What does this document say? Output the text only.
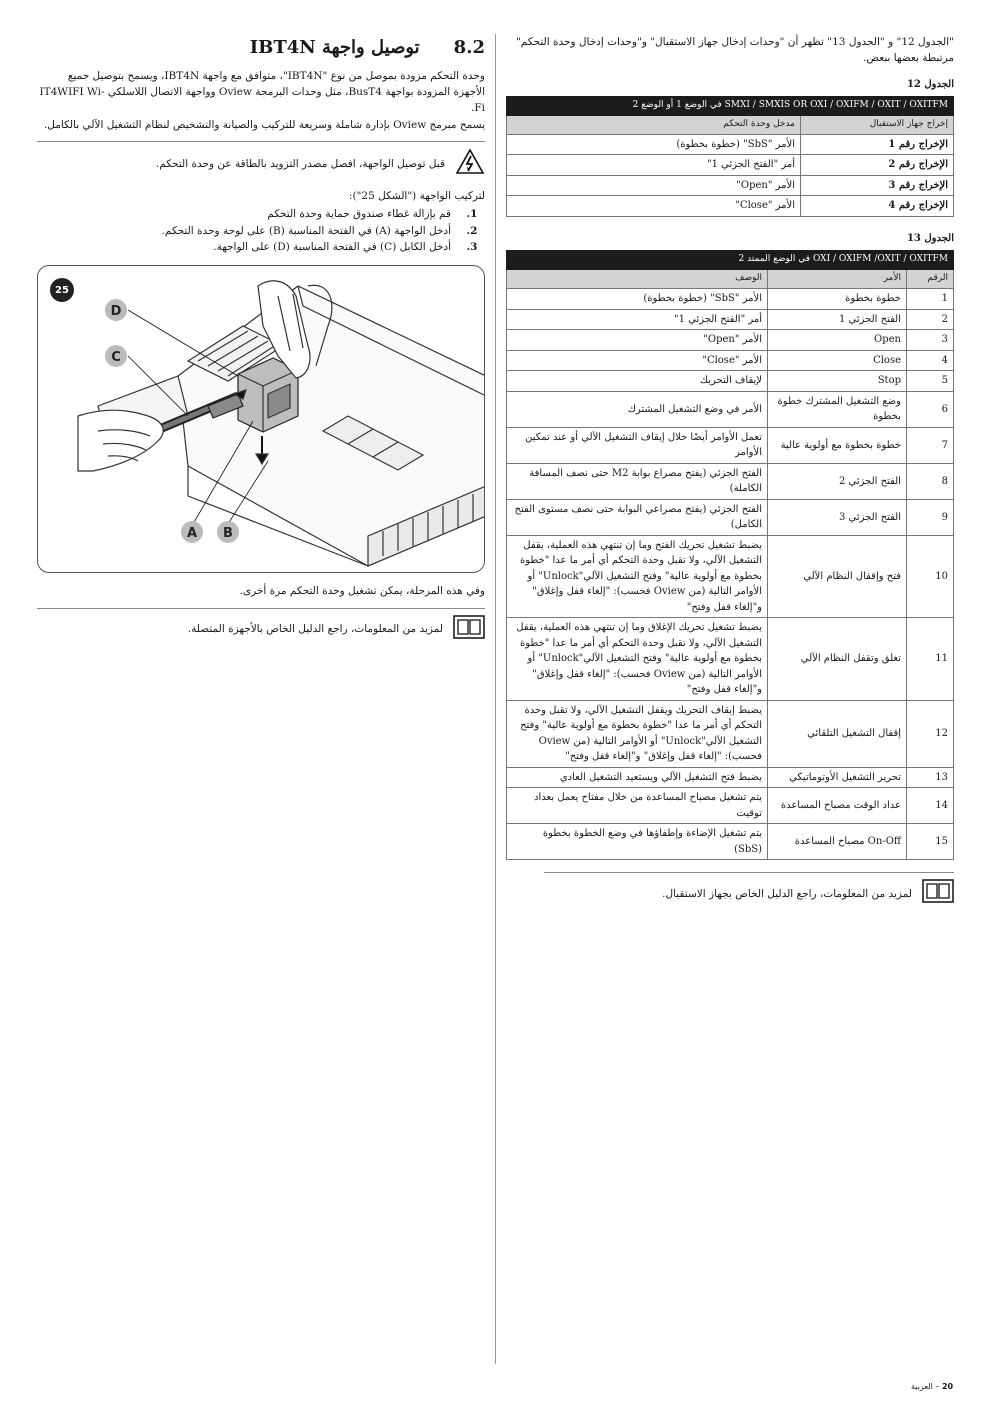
8.2
توصيل واجهة IBT4N

وحدة التحكم مزودة بموصل من نوع "IBT4N"، متوافق مع واجهة IBT4N، ويسمح بتوصيل جميع الأجهزة المزودة بواجهة BusT4، مثل وحدات البرمجة Oview وواجهة الاتصال اللاسلكي IT4WIFI Wi-Fi.

يسمح مبرمج Oview بإدارة شاملة وسريعة للتركيب والصيانة والتشخيص لنظام التشغيل الآلي بالكامل.

قبل توصيل الواجهة، افصل مصدر التزويد بالطاقة عن وحدة التحكم.

لتركيب الواجهة ("الشكل 25"):

1.
قم بإزالة غطاء صندوق حماية وحدة التحكم
2.
أدخل الواجهة (A) في الفتحة المناسبة (B) على لوحة وحدة التحكم.
3.
أدخل الكابل (C) في الفتحة المناسبة (D) على الواجهة.
25
D
C
A B

وفي هذه المرحلة، يمكن تشغيل وحدة التحكم مرة أخرى.

لمزيد من المعلومات، راجع الدليل الخاص بالأجهزة المتصلة.

"الجدول 12" و "الجدول 13" تظهر أن "وحدات إدخال جهاز الاستقبال" و"وحدات إدخال وحدة التحكم" مرتبطة بعضها ببعض.

الجدول 12
SMXI / SMXIS OR OXI / OXIFM / OXIT / OXITFM في الوضع 1 أو الوضع 2	
إخراج جهاز الاستقبال	مدخل وحدة التحكم
الإخراج رقم 1	الأمر "SbS" (خطوة بخطوة)
الإخراج رقم 2	أمر "الفتح الجزئي 1"
الإخراج رقم 3	الأمر "Open"
الإخراج رقم 4	الأمر "Close"
الجدول 13
OXI / OXIFM /OXIT / OXITFM في الوضع الممتد 2		
الرقم	الأمر	الوصف
1	خطوة بخطوة	الأمر "SbS" (خطوة بخطوة)
2	الفتح الجزئي 1	أمر "الفتح الجزئي 1"
3	Open	الأمر "Open"
4	Close	الأمر "Close"
5	Stop	لإيقاف التحريك
6	وضع التشغيل المشترك خطوة بخطوة	الأمر في وضع التشغيل المشترك
7	خطوة بخطوة مع أولوية عالية	تعمل الأوامر أيضًا خلال إيقاف التشغيل الآلي أو عند تمكين الأوامر
8	الفتح الجزئي 2	الفتح الجزئي (يفتح مصراع بوابة M2 حتى نصف المسافة الكاملة)
9	الفتح الجزئي 3	الفتح الجزئي (يفتح مصراعي البوابة حتى نصف مستوى الفتح الكامل)
10	فتح وإقفال النظام الآلي	يضبط تشغيل تحريك الفتح وما إن تنتهي هذه العملية، يقفل التشغيل الآلي، ولا تقبل وحدة التحكم أي أمر ما عدا "خطوة بخطوة مع أولوية عالية" وفتح التشغيل الآلي"Unlock" أو الأوامر التالية (من Oview فحسب): "إلغاء قفل وإغلاق" و"إلغاء قفل وفتح"
11	تغلق وتقفل النظام الآلي	يضبط تشغيل تحريك الإغلاق وما إن تنتهي هذه العملية، يقفل التشغيل الآلي، ولا تقبل وحدة التحكم أي أمر ما عدا "خطوة بخطوة مع أولوية عالية" وفتح التشغيل الآلي"Unlock" أو الأوامر التالية (من Oview فحسب): "إلغاء قفل وإغلاق" و"إلغاء قفل وفتح"
12	إقفال التشغيل التلقائي	يضبط إيقاف التحريك ويقفل التشغيل الآلي، ولا تقبل وحدة التحكم أي أمر ما عدا "خطوة بخطوة مع أولوية عالية" وفتح التشغيل الآلي"Unlock" أو الأوامر التالية (من Oview فحسب): "إلغاء قفل وإغلاق" و"إلغاء قفل وفتح"
13	تحرير التشغيل الأوتوماتيكي	يضبط فتح التشغيل الآلي ويستعيد التشغيل العادي
14	عداد الوقت مصباح المساعدة	يتم تشغيل مصباح المساعدة من خلال مفتاح يعمل بعداد توقيت
15	On-Off مصباح المساعدة	يتم تشغيل الإضاءة وإطفاؤها في وضع الخطوة بخطوة (SbS)
لمزيد من المعلومات، راجع الدليل الخاص بجهاز الاستقبال.
20 – العربية
